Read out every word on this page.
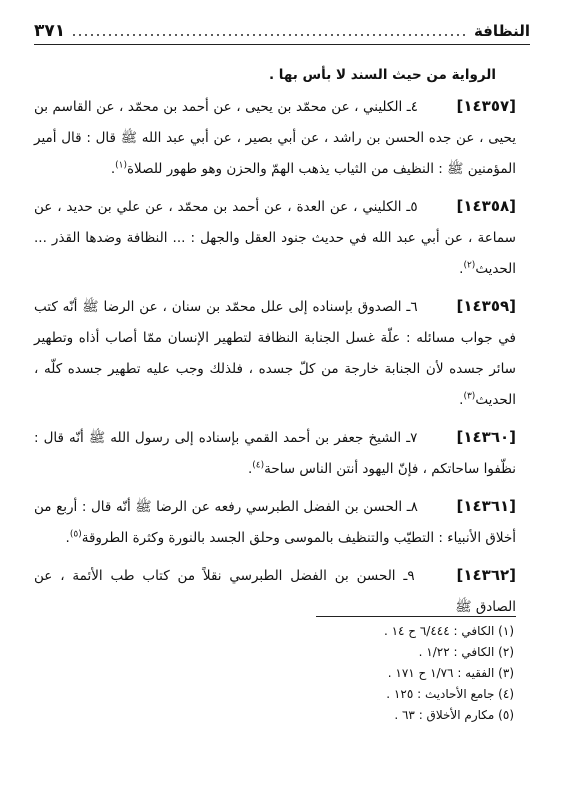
٣٧١	النظافة

الرواية من حيث السند لا بأس بها .

[١٤٣٥٧] ٤ـ الكليني ، عن محمّد بن يحيى ، عن أحمد بن محمّد ، عن القاسم بن يحيى ، عن جده الحسن بن راشد ، عن أبي بصير ، عن أبي عبد الله ﷺ قال : قال أمير المؤمنين ﷺ : النظيف من الثياب يذهب الهمّ والحزن وهو طهور للصلاة$^{(١)}$.

[١٤٣٥٨] ٥ـ الكليني ، عن العدة ، عن أحمد بن محمّد ، عن علي بن حديد ، عن سماعة ، عن أبي عبد الله في حديث جنود العقل والجهل : ... النظافة وضدها القذر ... الحديث$^{(٢)}$.

[١٤٣٥٩] ٦ـ الصدوق بإسناده إلى علل محمّد بن سنان ، عن الرضا ﷺ أنّه كتب في جواب مسائله : علّة غسل الجنابة النظافة لتطهير الإنسان ممّا أصاب أذاه وتطهير سائر جسده لأن الجنابة خارجة من كلّ جسده ، فلذلك وجب عليه تطهير جسده كلّه ، الحديث$^{(٣)}$.

[١٤٣٦٠] ٧ـ الشيخ جعفر بن أحمد القمي بإسناده إلى رسول الله ﷺ أنّه قال : نظّفوا ساحاتكم ، فإنّ اليهود أنتن الناس ساحة$^{(٤)}$.

[١٤٣٦١] ٨ـ الحسن بن الفضل الطبرسي رفعه عن الرضا ﷺ أنّه قال : أربع من أخلاق الأنبياء : التطيّب والتنظيف بالموسى وحلق الجسد بالنورة وكثرة الطروقة$^{(٥)}$.

[١٤٣٦٢] ٩ـ الحسن بن الفضل الطبرسي نقلاً من كتاب طب الأئمة ، عن الصادق ﷺ

(١) الكافي : ٦/٤٤٤ ح ١٤ .

(٢) الكافي : ١/٢٢ .

(٣) الفقيه : ١/٧٦ ح ١٧١ .

(٤) جامع الأحاديث : ١٢٥ .

(٥) مكارم الأخلاق : ٦٣ .
